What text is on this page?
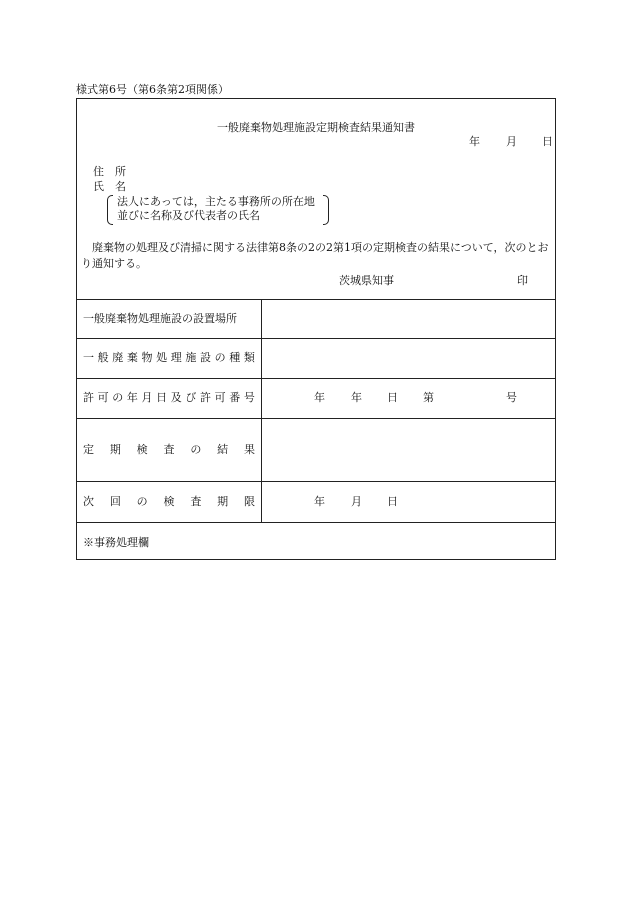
様式第6号（第6条第2項関係）
一般廃棄物処理施設定期検査結果通知書
年 月 日
住　所
氏　名
法人にあっては，主たる事務所の所在地
並びに名称及び代表者の氏名
廃棄物の処理及び清掃に関する法律第8条の2の2第1項の定期検査の結果について，次のとおり通知する。
茨城県知事	印
一般廃棄物処理施設の設置場所
一 般 廃 棄 物 処 理 施 設 の 種 類
許 可 の 年 月 日 及 び 許 可 番 号
定 期 検 査 の 結 果
次 回 の 検 査 期 限
年 年 日 第	号
年 月 日
※事務処理欄
